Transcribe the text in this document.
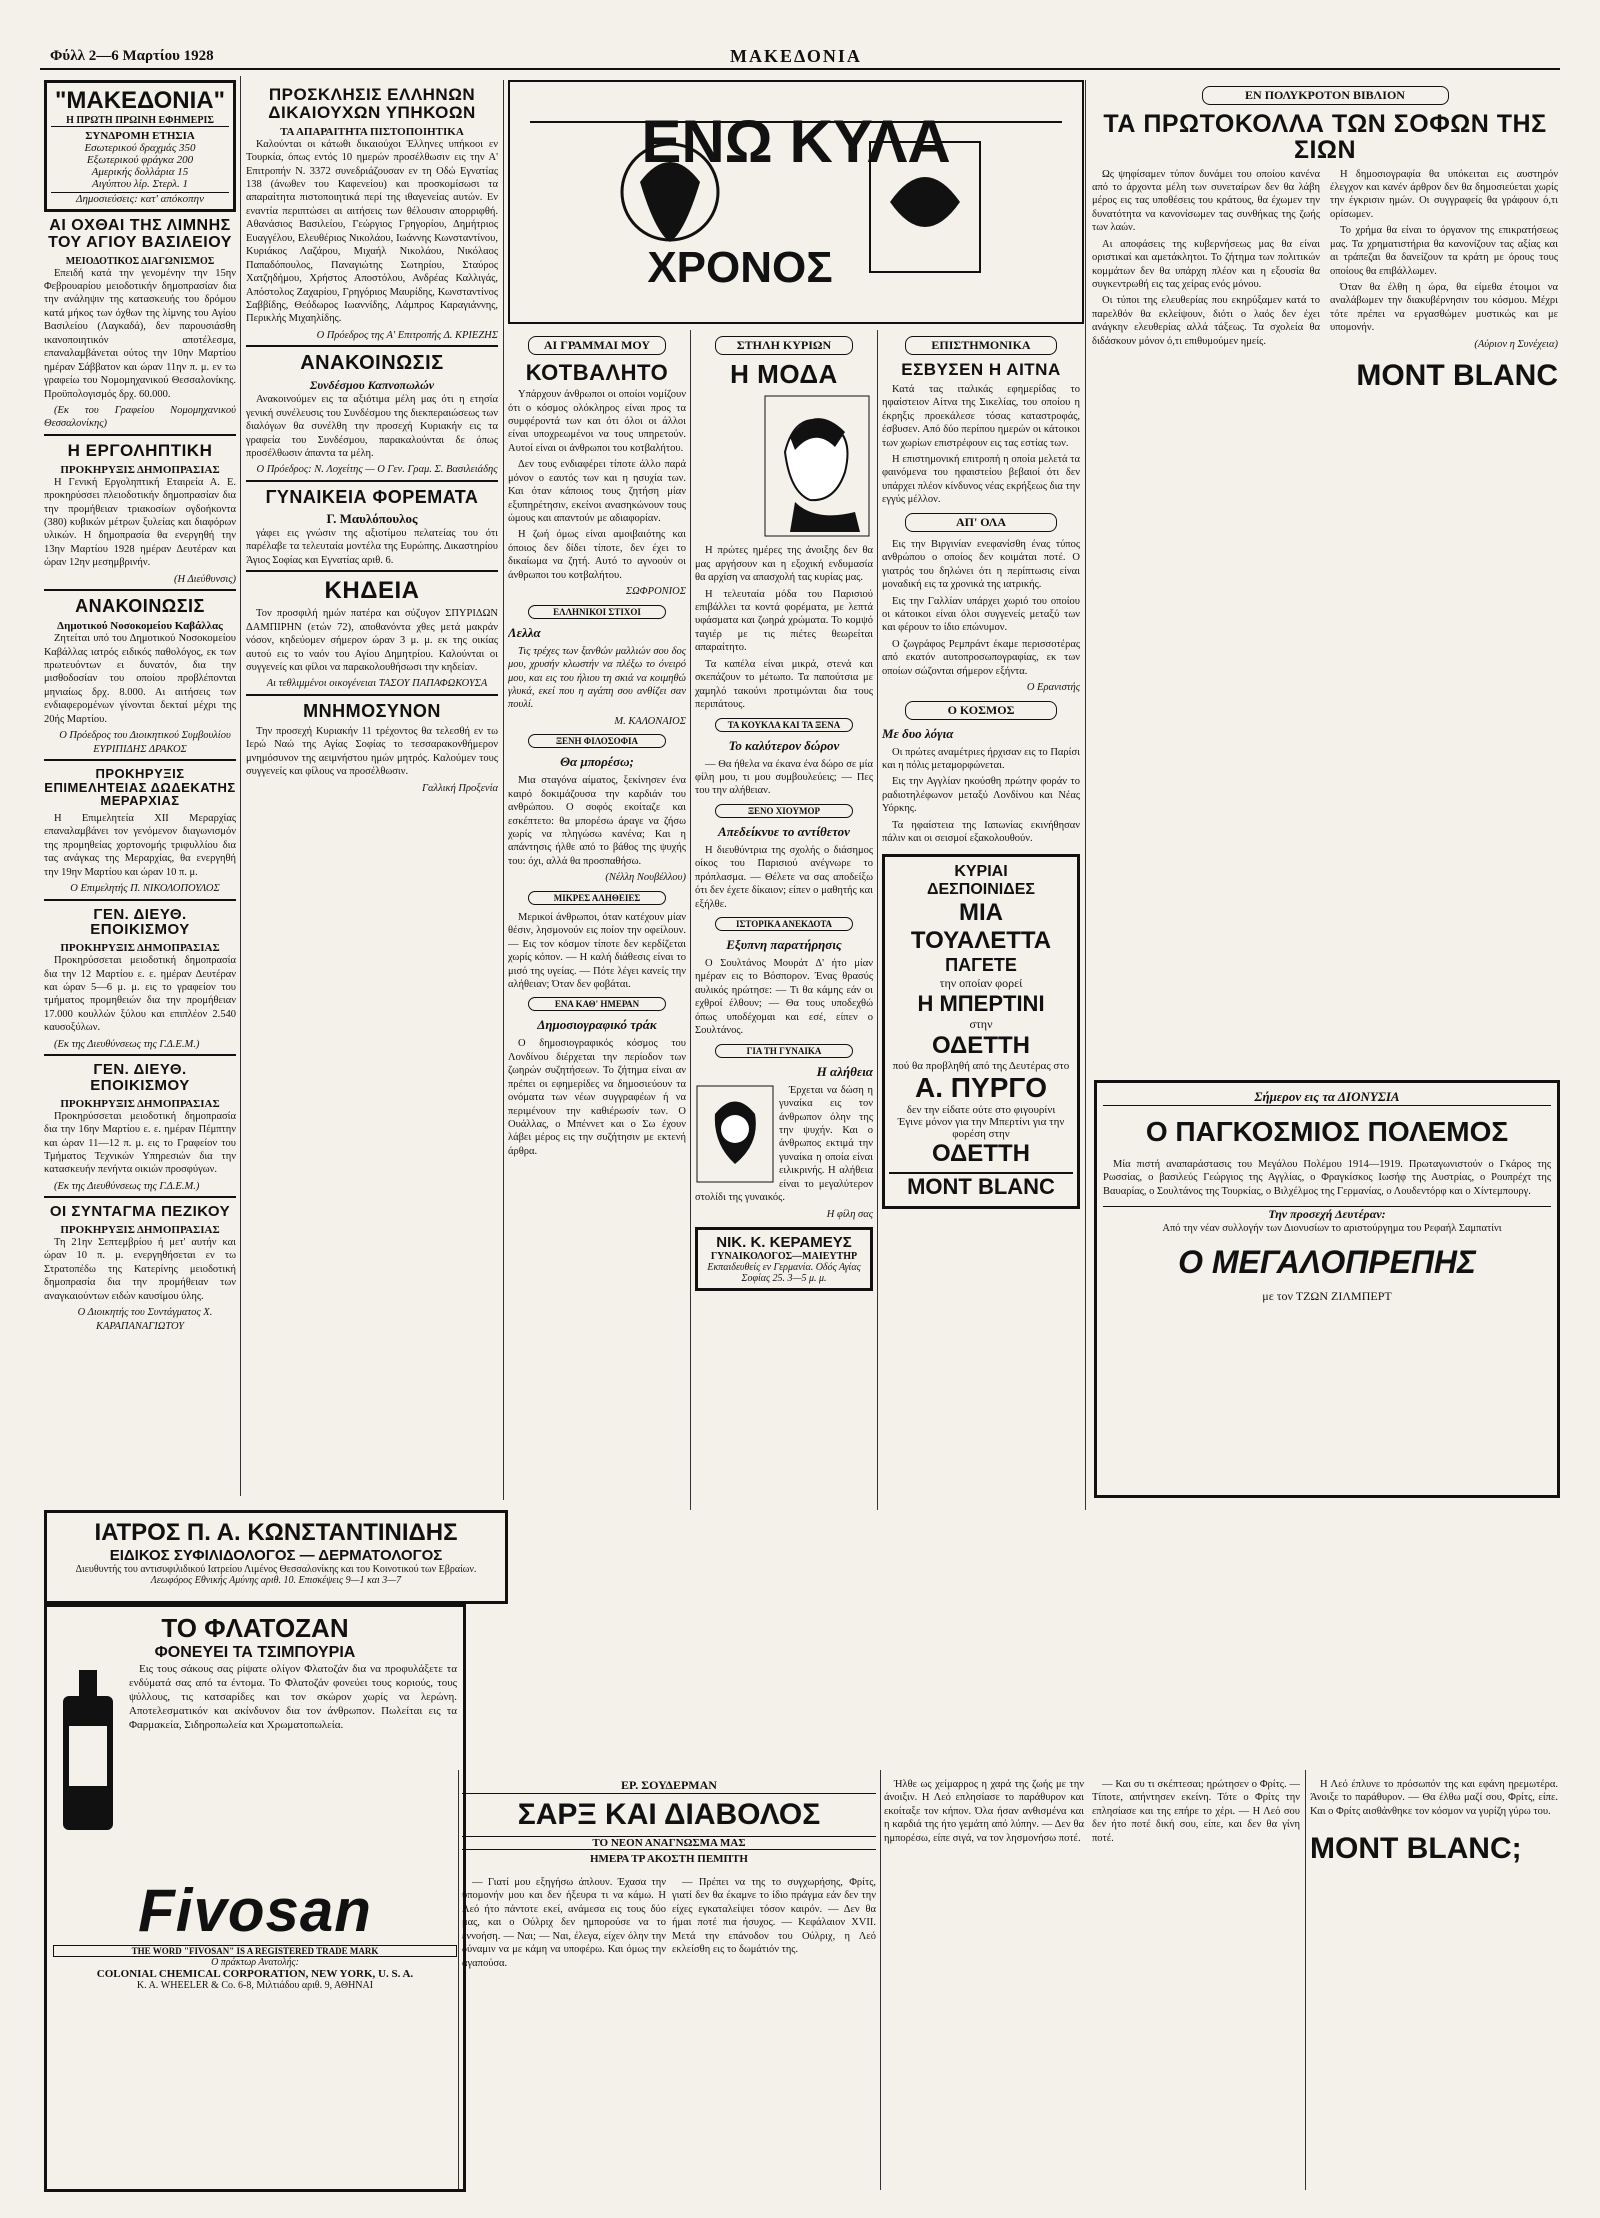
Φύλλ 2—6 Μαρτίου 1928	ΜΑΚΕΔΟΝΙΑ
"ΜΑΚΕΔΟΝΙΑ"
Η ΠΡΩΤΗ ΠΡΩΙΝΗ ΕΦΗΜΕΡΙΣ
ΣΥΝΔΡΟΜΗ ΕΤΗΣΙΑ
Εσωτερικού δραχμάς 350
Εξωτερικού φράγκα 200
Αμερικής δολλάρια 15
Αιγύπτου λίρ. Στερλ. 1
Δημοσιεύσεις: κατ' απόκοπην
ΑΙ ΟΧΘΑΙ ΤΗΣ ΛΙΜΝΗΣ ΤΟΥ ΑΓΙΟΥ ΒΑΣΙΛΕΙΟΥ
ΜΕΙΟΔΟΤΙΚΟΣ ΔΙΑΓΩΝΙΣΜΟΣ

Επειδή κατά την γενομένην την 15ην Φεβρουαρίου μειοδοτικήν δημοπρασίαν δια την ανάληψιν της κατασκευής του δρόμου κατά μήκος των όχθων της λίμνης του Αγίου Βασιλείου (Λαγκαδά), δεν παρουσιάσθη ικανοποιητικόν αποτέλεσμα, επαναλαμβάνεται ούτος την 10ην Μαρτίου ημέραν Σάββατον και ώραν 11ην π. μ. εν τω γραφείω του Νομομηχανικού Θεσσαλονίκης. Προϋπολογισμός δρχ. 60.000.

(Εκ του Γραφείου Νομομηχανικού Θεσσαλονίκης)

Η ΕΡΓΟΛΗΠΤΙΚΗ
ΠΡΟΚΗΡΥΞΙΣ ΔΗΜΟΠΡΑΣΙΑΣ

Η Γενική Εργοληπτική Εταιρεία Α. Ε. προκηρύσσει πλειοδοτικήν δημοπρασίαν δια την προμήθειαν τριακοσίων ογδοήκοντα (380) κυβικών μέτρων ξυλείας και διαφόρων υλικών. Η δημοπρασία θα ενεργηθή την 13ην Μαρτίου 1928 ημέραν Δευτέραν και ώραν 12ην μεσημβρινήν.

(Η Διεύθυνσις)

ΑΝΑΚΟΙΝΩΣΙΣ
Δημοτικού Νοσοκομείου Καβάλλας

Ζητείται υπό του Δημοτικού Νοσοκομείου Καβάλλας ιατρός ειδικός παθολόγος, εκ των πρωτευόντων ει δυνατόν, δια την μισθοδοσίαν του οποίου προβλέπονται μηνιαίως δρχ. 8.000. Αι αιτήσεις των ενδιαφερομένων γίνονται δεκταί μέχρι της 20ής Μαρτίου.

Ο Πρόεδρος του Διοικητικού Συμβουλίου ΕΥΡΙΠΙΔΗΣ ΔΡΑΚΟΣ

ΠΡΟΚΗΡΥΞΙΣ ΕΠΙΜΕΛΗΤΕΙΑΣ ΔΩΔΕΚΑΤΗΣ ΜΕΡΑΡΧΙΑΣ

Η Επιμελητεία ΧΙΙ Μεραρχίας επαναλαμβάνει τον γενόμενον διαγωνισμόν της προμηθείας χορτονομής τριφυλλίου δια τας ανάγκας της Μεραρχίας, θα ενεργηθή την 19ην Μαρτίου και ώραν 10 π. μ.

Ο Επιμελητής Π. ΝΙΚΟΛΟΠΟΥΛΟΣ

ΓΕΝ. ΔΙΕΥΘ. ΕΠΟΙΚΙΣΜΟΥ
ΠΡΟΚΗΡΥΞΙΣ ΔΗΜΟΠΡΑΣΙΑΣ

Προκηρύσσεται μειοδοτική δημοπρασία δια την 12 Μαρτίου ε. ε. ημέραν Δευτέραν και ώραν 5—6 μ. μ. εις το γραφείον του τμήματος προμηθειών δια την προμήθειαν 17.000 κουλλών ξύλου και επιπλέον 2.540 καυσοξύλων.

(Εκ της Διευθύνσεως της Γ.Δ.Ε.Μ.)

ΓΕΝ. ΔΙΕΥΘ. ΕΠΟΙΚΙΣΜΟΥ
ΠΡΟΚΗΡΥΞΙΣ ΔΗΜΟΠΡΑΣΙΑΣ

Προκηρύσσεται μειοδοτική δημοπρασία δια την 16ην Μαρτίου ε. ε. ημέραν Πέμπτην και ώραν 11—12 π. μ. εις το Γραφείον του Τμήματος Τεχνικών Υπηρεσιών δια την κατασκευήν πενήντα οικιών προσφύγων.

(Εκ της Διευθύνσεως της Γ.Δ.Ε.Μ.)

ΟΙ ΣΥΝΤΑΓΜΑ ΠΕΖΙΚΟΥ
ΠΡΟΚΗΡΥΞΙΣ ΔΗΜΟΠΡΑΣΙΑΣ

Τη 21ην Σεπτεμβρίου ή μετ' αυτήν και ώραν 10 π. μ. ενεργηθήσεται εν τω Στρατοπέδω της Κατερίνης μειοδοτική δημοπρασία δια την προμήθειαν των αναγκαιούντων ειδών καυσίμου ύλης.

Ο Διοικητής του Συντάγματος Χ. ΚΑΡΑΠΑΝΑΓΙΩΤΟΥ

ΠΡΟΣΚΛΗΣΙΣ ΕΛΛΗΝΩΝ ΔΙΚΑΙΟΥΧΩΝ ΥΠΗΚΟΩΝ
ΤΑ ΑΠΑΡΑΙΤΗΤΑ ΠΙΣΤΟΠΟΙΗΤΙΚΑ

Καλούνται οι κάτωθι δικαιούχοι Έλληνες υπήκοοι εν Τουρκία, όπως εντός 10 ημερών προσέλθωσιν εις την Α' Επιτροπήν Ν. 3372 συνεδριάζουσαν εν τη Οδώ Εγνατίας 138 (άνωθεν του Καφενείου) και προσκομίσωσι τα απαραίτητα πιστοποιητικά περί της ιθαγενείας αυτών. Εν εναντία περιπτώσει αι αιτήσεις των θέλουσιν απορριφθή. Αθανάσιος Βασιλείου, Γεώργιος Γρηγορίου, Δημήτριος Ευαγγέλου, Ελευθέριος Νικολάου, Ιωάννης Κωνσταντίνου, Κυριάκος Λαζάρου, Μιχαήλ Νικολάου, Νικόλαος Παπαδόπουλος, Παναγιώτης Σωτηρίου, Σταύρος Χατζηδήμου, Χρήστος Αποστόλου, Ανδρέας Καλλιγάς, Απόστολος Ζαχαρίου, Γρηγόριος Μαυρίδης, Κωνσταντίνος Σαββίδης, Θεόδωρος Ιωαννίδης, Λάμπρος Καραγιάννης, Περικλής Μιχαηλίδης.

Ο Πρόεδρος της Α' Επιτροπής Δ. ΚΡΙΕΖΗΣ

ΑΝΑΚΟΙΝΩΣΙΣ
Συνδέσμου Καπνοπωλών

Ανακοινούμεν εις τα αξιότιμα μέλη μας ότι η ετησία γενική συνέλευσις του Συνδέσμου της διεκπεραιώσεως των διαλόγων θα συνέλθη την προσεχή Κυριακήν εις τα γραφεία του Συνδέσμου, παρακαλούνται δε όπως προσέλθωσιν άπαντα τα μέλη.

Ο Πρόεδρος: Ν. Λοχείτης — Ο Γεν. Γραμ. Σ. Βασιλειάδης

ΓΥΝΑΙΚΕΙΑ ΦΟΡΕΜΑΤΑ
Γ. Μαυλόπουλος

γάφει εις γνώσιν της αξιοτίμου πελατείας του ότι παρέλαβε τα τελευταία μοντέλα της Ευρώπης. Δικαστηρίου Άγιος Σοφίας και Εγνατίας αριθ. 6.

ΚΗΔΕΙΑ

Τον προσφιλή ημών πατέρα και σύζυγον ΣΠΥΡΙΔΩΝ ΔΑΜΠΙΡΗΝ (ετών 72), αποθανόντα χθες μετά μακράν νόσον, κηδεύομεν σήμερον ώραν 3 μ. μ. εκ της οικίας αυτού εις το ναόν του Αγίου Δημητρίου. Καλούνται οι συγγενείς και φίλοι να παρακολουθήσωσι την κηδείαν.

Αι τεθλιμμένοι οικογένειαι ΤΑΣΟΥ ΠΑΠΑΦΩΚΟΥΣΑ

ΜΝΗΜΟΣΥΝΟΝ

Την προσεχή Κυριακήν 11 τρέχοντος θα τελεσθή εν τω Ιερώ Ναώ της Αγίας Σοφίας το τεσσαρακονθήμερον μνημόσυνον της αειμνήστου ημών μητρός. Καλούμεν τους συγγενείς και φίλους να προσέλθωσιν.

Γαλλική Προξενία

ΕΝΩ ΚΥΛΑ
ΧΡΟΝΟΣ
ΑΙ ΓΡΑΜΜΑΙ ΜΟΥ
ΚΟΤΒΑΛΗΤΟ

Υπάρχουν άνθρωποι οι οποίοι νομίζουν ότι ο κόσμος ολόκληρος είναι προς τα συμφέροντά των και ότι όλοι οι άλλοι είναι υποχρεωμένοι να τους υπηρετούν. Αυτοί είναι οι άνθρωποι του κοτβαλήτου.

Δεν τους ενδιαφέρει τίποτε άλλο παρά μόνον ο εαυτός των και η ησυχία των. Και όταν κάποιος τους ζητήση μίαν εξυπηρέτησιν, εκείνοι ανασηκώνουν τους ώμους και απαντούν με αδιαφορίαν.

Η ζωή όμως είναι αμοιβαιότης και όποιος δεν δίδει τίποτε, δεν έχει το δικαίωμα να ζητή. Αυτό το αγνοούν οι άνθρωποι του κοτβαλήτου.

ΣΩΦΡΟΝΙΟΣ

ΕΛΛΗΝΙΚΟΙ ΣΤΙΧΟΙ
Λελλα

Τις τρέχες των ξανθών μαλλιών σου δος μου, χρυσήν κλωστήν να πλέξω το όνειρό μου, και εις του ήλιου τη σκιά να κοιμηθώ γλυκά, εκεί που η αγάπη σου ανθίζει σαν πουλί.

Μ. ΚΑΛΟΝΑΙΟΣ

ΞΕΝΗ ΦΙΛΟΣΟΦΙΑ
Θα μπορέσω;

Μια σταγόνα αίματος, ξεκίνησεν ένα καιρό δοκιμάζουσα την καρδιάν του ανθρώπου. Ο σοφός εκοίταζε και εσκέπτετο: θα μπορέσω άραγε να ζήσω χωρίς να πληγώσω κανένα; Και η απάντησις ήλθε από το βάθος της ψυχής του: όχι, αλλά θα προσπαθήσω.

(Νέλλη Νουβέλλου)

ΜΙΚΡΕΣ ΑΛΗΘΕΙΕΣ

Μερικοί άνθρωποι, όταν κατέχουν μίαν θέσιν, λησμονούν εις ποίον την οφείλουν. — Εις τον κόσμον τίποτε δεν κερδίζεται χωρίς κόπον. — Η καλή διάθεσις είναι το μισό της υγείας. — Πότε λέγει κανείς την αλήθειαν; Όταν δεν φοβάται.

ΕΝΑ ΚΑΘ' ΗΜΕΡΑΝ
Δημοσιογραφικό τράκ

Ο δημοσιογραφικός κόσμος του Λονδίνου διέρχεται την περίοδον των ζωηρών συζητήσεων. Το ζήτημα είναι αν πρέπει οι εφημερίδες να δημοσιεύουν τα ονόματα των νέων συγγραφέων ή να περιμένουν την καθιέρωσίν των. Ο Ουάλλας, ο Μπέννετ και ο Σω έχουν λάβει μέρος εις την συζήτησιν με εκτενή άρθρα.

ΣΤΗΛΗ ΚΥΡΙΩΝ
Η ΜΟΔΑ

Η πρώτες ημέρες της άνοιξης δεν θα μας αργήσουν και η εξοχική ενδυμασία θα αρχίση να απασχολή τας κυρίας μας.

Η τελευταία μόδα του Παρισιού επιβάλλει τα κοντά φορέματα, με λεπτά υφάσματα και ζωηρά χρώματα. Το κομψό ταγιέρ με τις πιέτες θεωρείται απαραίτητο.

Τα καπέλα είναι μικρά, στενά και σκεπάζουν το μέτωπο. Τα παπούτσια με χαμηλό τακούνι προτιμώνται δια τους περιπάτους.

ΤΑ ΚΟΥΚΛΑ ΚΑΙ ΤΑ ΞΕΝΑ
Το καλύτερον δώρον

— Θα ήθελα να έκανα ένα δώρο σε μία φίλη μου, τι μου συμβουλεύεις; — Πες του την αλήθειαν.

ΞΕΝΟ ΧΙΟΥΜΟΡ
Απεδείκνυε το αντίθετον

Η διευθύντρια της σχολής ο διάσημος οίκος του Παρισιού ανέγνωρε το πρόπλασμα. — Θέλετε να σας αποδείξω ότι δεν έχετε δίκαιον; είπεν ο μαθητής και εξήλθε.

ΙΣΤΟΡΙΚΑ ΑΝΕΚΔΟΤΑ
Εξυπνη παρατήρησις

Ο Σουλτάνος Μουράτ Δ' ήτο μίαν ημέραν εις το Βόσπορον. Ένας θρασύς αυλικός ηρώτησε: — Τι θα κάμης εάν οι εχθροί έλθουν; — Θα τους υποδεχθώ όπως υποδέχομαι και εσέ, είπεν ο Σουλτάνος.

ΓΙΑ ΤΗ ΓΥΝΑΙΚΑ
Η αλήθεια

Έρχεται να δώση η γυναίκα εις τον άνθρωπον όλην της την ψυχήν. Και ο άνθρωπος εκτιμά την γυναίκα η οποία είναι ειλικρινής. Η αλήθεια είναι το μεγαλύτερον στολίδι της γυναικός.

Η φίλη σας

ΝΙΚ. Κ. ΚΕΡΑΜΕΥΣ
ΓΥΝΑΙΚΟΛΟΓΟΣ—ΜΑΙΕΥΤΗΡ
Εκπαιδευθείς εν Γερμανία. Οδός Αγίας Σοφίας 25. 3—5 μ. μ.
ΕΠΙΣΤΗΜΟΝΙΚΑ
ΕΣΒΥΣΕΝ Η ΑΙΤΝΑ

Κατά τας ιταλικάς εφημερίδας το ηφαίστειον Αίτνα της Σικελίας, του οποίου η έκρηξις προεκάλεσε τόσας καταστροφάς, έσβυσεν. Από δύο περίπου ημερών οι κάτοικοι των χωρίων επιστρέφουν εις τας εστίας των.

Η επιστημονική επιτροπή η οποία μελετά τα φαινόμενα του ηφαιστείου βεβαιοί ότι δεν υπάρχει πλέον κίνδυνος νέας εκρήξεως δια την εγγύς μέλλον.

ΑΠ' ΟΛΑ

Εις την Βιργινίαν ενεφανίσθη ένας τύπος ανθρώπου ο οποίος δεν κοιμάται ποτέ. Ο γιατρός του δηλώνει ότι η περίπτωσις είναι μοναδική εις τα χρονικά της ιατρικής.

Εις την Γαλλίαν υπάρχει χωριό του οποίου οι κάτοικοι είναι όλοι συγγενείς μεταξύ των και φέρουν το ίδιο επώνυμον.

Ο ζωγράφος Ρεμπράντ έκαμε περισσοτέρας από εκατόν αυτοπροσωπογραφίας, εκ των οποίων σώζονται σήμερον εξήντα.

Ο Ερανιστής

Ο ΚΟΣΜΟΣ
Με δυο λόγια

Οι πρώτες αναμέτριες ήρχισαν εις το Παρίσι και η πόλις μεταμορφώνεται.

Εις την Αγγλίαν ηκούσθη πρώτην φοράν το ραδιοτηλέφωνον μεταξύ Λονδίνου και Νέας Υόρκης.

Τα ηφαίστεια της Ιαπωνίας εκινήθησαν πάλιν και οι σεισμοί εξακολουθούν.

ΚΥΡΙΑΙ
ΔΕΣΠΟΙΝΙΔΕΣ
ΜΙΑ ΤΟΥΑΛΕΤΤΑ
ΠΑΓΕΤΕ
την οποίαν φορεί
Η ΜΠΕΡΤΙΝΙ
στην
ΟΔΕΤΤΗ
πού θα προβληθή από της Δευτέρας στο
Α. ΠΥΡΓΟ
δεν την είδατε ούτε στο φιγουρίνι
Έγινε μόνον για την Μπερτίνι για την φορέση στην
ΟΔΕΤΤΗ
MONT BLANC
ΕΝ ΠΟΛΥΚΡΟΤΟΝ ΒΙΒΛΙΟΝ
ΤΑ ΠΡΩΤΟΚΟΛΛΑ ΤΩΝ ΣΟΦΩΝ ΤΗΣ ΣΙΩΝ

Ως ψηφίσαμεν τύπον δυνάμει του οποίου κανένα από το άρχοντα μέλη των συνεταίρων δεν θα λάβη μέρος εις τας υποθέσεις του κράτους, θα έχωμεν την δυνατότητα να κανονίσωμεν τας συνθήκας της ζωής των λαών.

Αι αποφάσεις της κυβερνήσεως μας θα είναι οριστικαί και αμετάκλητοι. Το ζήτημα των πολιτικών κομμάτων δεν θα υπάρχη πλέον και η εξουσία θα συγκεντρωθή εις τας χείρας ενός μόνου.

Οι τύποι της ελευθερίας που εκηρύξαμεν κατά το παρελθόν θα εκλείψουν, διότι ο λαός δεν έχει ανάγκην ελευθερίας αλλά τάξεως. Τα σχολεία θα διδάσκουν μόνον ό,τι επιθυμούμεν ημείς.

Η δημοσιογραφία θα υπόκειται εις αυστηρόν έλεγχον και κανέν άρθρον δεν θα δημοσιεύεται χωρίς την έγκρισιν ημών. Οι συγγραφείς θα γράφουν ό,τι ορίσωμεν.

Το χρήμα θα είναι το όργανον της επικρατήσεως μας. Τα χρηματιστήρια θα κανονίζουν τας αξίας και αι τράπεζαι θα δανείζουν τα κράτη με όρους τους οποίους θα επιβάλλωμεν.

Όταν θα έλθη η ώρα, θα είμεθα έτοιμοι να αναλάβωμεν την διακυβέρνησιν του κόσμου. Μέχρι τότε πρέπει να εργασθώμεν μυστικώς και με υπομονήν.

(Αύριον η Συνέχεια)

MONT BLANC
Σήμερον εις τα ΔΙΟΝΥΣΙΑ
Ο ΠΑΓΚΟΣΜΙΟΣ ΠΟΛΕΜΟΣ

Μία πιστή αναπαράστασις του Μεγάλου Πολέμου 1914—1919. Πρωταγωνιστούν ο Γκάρος της Ρωσσίας, ο βασιλεύς Γεώργιος της Αγγλίας, ο Φραγκίσκος Ιωσήφ της Αυστρίας, ο Ρουπρέχτ της Βαυαρίας, ο Σουλτάνος της Τουρκίας, ο Βιλχέλμος της Γερμανίας, ο Λουδεντόρφ και ο Χίντεμπουργ.

Την προσεχή Δευτέραν:

Από την νέαν συλλογήν των Διονυσίων το αριστούργημα του Ρεφαήλ Σαμπατίνι

Ο ΜΕΓΑΛΟΠΡΕΠΗΣ
με τον ΤΖΩΝ ΖΙΛΜΠΕΡΤ
ΙΑΤΡΟΣ Π. Α. ΚΩΝΣΤΑΝΤΙΝΙΔΗΣ
ΕΙΔΙΚΟΣ ΣΥΦΙΛΙΔΟΛΟΓΟΣ — ΔΕΡΜΑΤΟΛΟΓΟΣ
Διευθυντής του αντισυφιλιδικού Ιατρείου Λιμένος Θεσσαλονίκης και του Κοινοτικού των Εβραίων.
Λεωφόρος Εθνικής Αμύνης αριθ. 10. Επισκέψεις 9—1 και 3—7
ΤΟ ΦΛΑΤΟΖΑΝ
ΦΟΝΕΥΕΙ ΤΑ ΤΣΙΜΠΟΥΡΙΑ

Εις τους σάκους σας ρίψατε ολίγον Φλατοζάν δια να προφυλάξετε τα ενδύματά σας από τα έντομα. Το Φλατοζάν φονεύει τους κοριούς, τους ψύλλους, τις κατσαρίδες και τον σκώρον χωρίς να λερώνη. Αποτελεσματικόν και ακίνδυνον δια τον άνθρωπον. Πωλείται εις τα Φαρμακεία, Σιδηροπωλεία και Χρωματοπωλεία.

Fivosan
THE WORD "FIVOSAN" IS A REGISTERED TRADE MARK
Ο πράκτωρ Ανατολής:
COLONIAL CHEMICAL CORPORATION, NEW YORK, U. S. A.
Κ. Α. WHEELER & Co. 6-8, Μιλτιάδου αριθ. 9, ΑΘΗΝΑΙ
ΕΡ. ΣΟΥΔΕΡΜΑΝ
ΣΑΡΞ ΚΑΙ ΔΙΑΒΟΛΟΣ
ΤΟ ΝΕΟΝ ΑΝΑΓΝΩΣΜΑ ΜΑΣ
ΗΜΕΡΑ ΤΡ ΑΚΟΣΤΗ ΠΕΜΠΤΗ

— Γιατί μου εξηγήσω άπλουν. Έχασα την υπομονήν μου και δεν ήξευρα τι να κάμω. Η Λεό ήτο πάντοτε εκεί, ανάμεσα εις τους δύο μας, και ο Ούλριχ δεν ημπορούσε να το εννοήση. — Ναι; — Ναι, έλεγα, είχεν όλην την δύναμιν να με κάμη να υποφέρω. Και όμως την αγαπούσα.

— Πρέπει να της το συγχωρήσης, Φρίτς, γιατί δεν θα έκαμνε το ίδιο πράγμα εάν δεν την είχες εγκαταλείψει τόσον καιρόν. — Δεν θα ήμαι ποτέ πια ήσυχος. — Κεφάλαιον XVII. Μετά την επάνοδον του Ούλριχ, η Λεό εκλείσθη εις το δωμάτιόν της.

Ήλθε ως χείμαρρος η χαρά της ζωής με την άνοιξιν. Η Λεό επλησίασε το παράθυρον και εκοίταξε τον κήπον. Όλα ήσαν ανθισμένα και η καρδιά της ήτο γεμάτη από λύπην. — Δεν θα ημπορέσω, είπε σιγά, να τον λησμονήσω ποτέ.

— Και συ τι σκέπτεσαι; ηρώτησεν ο Φρίτς. — Τίποτε, απήντησεν εκείνη. Τότε ο Φρίτς την επλησίασε και της επήρε το χέρι. — Η Λεό σου δεν ήτο ποτέ δική σου, είπε, και δεν θα γίνη ποτέ.

Η Λεό έπλυνε το πρόσωπόν της και εφάνη ηρεμωτέρα. Άνοιξε το παράθυρον. — Θα έλθω μαζί σου, Φρίτς, είπε. Και ο Φρίτς αισθάνθηκε τον κόσμον να γυρίζη γύρω του.

MONT BLANC;
